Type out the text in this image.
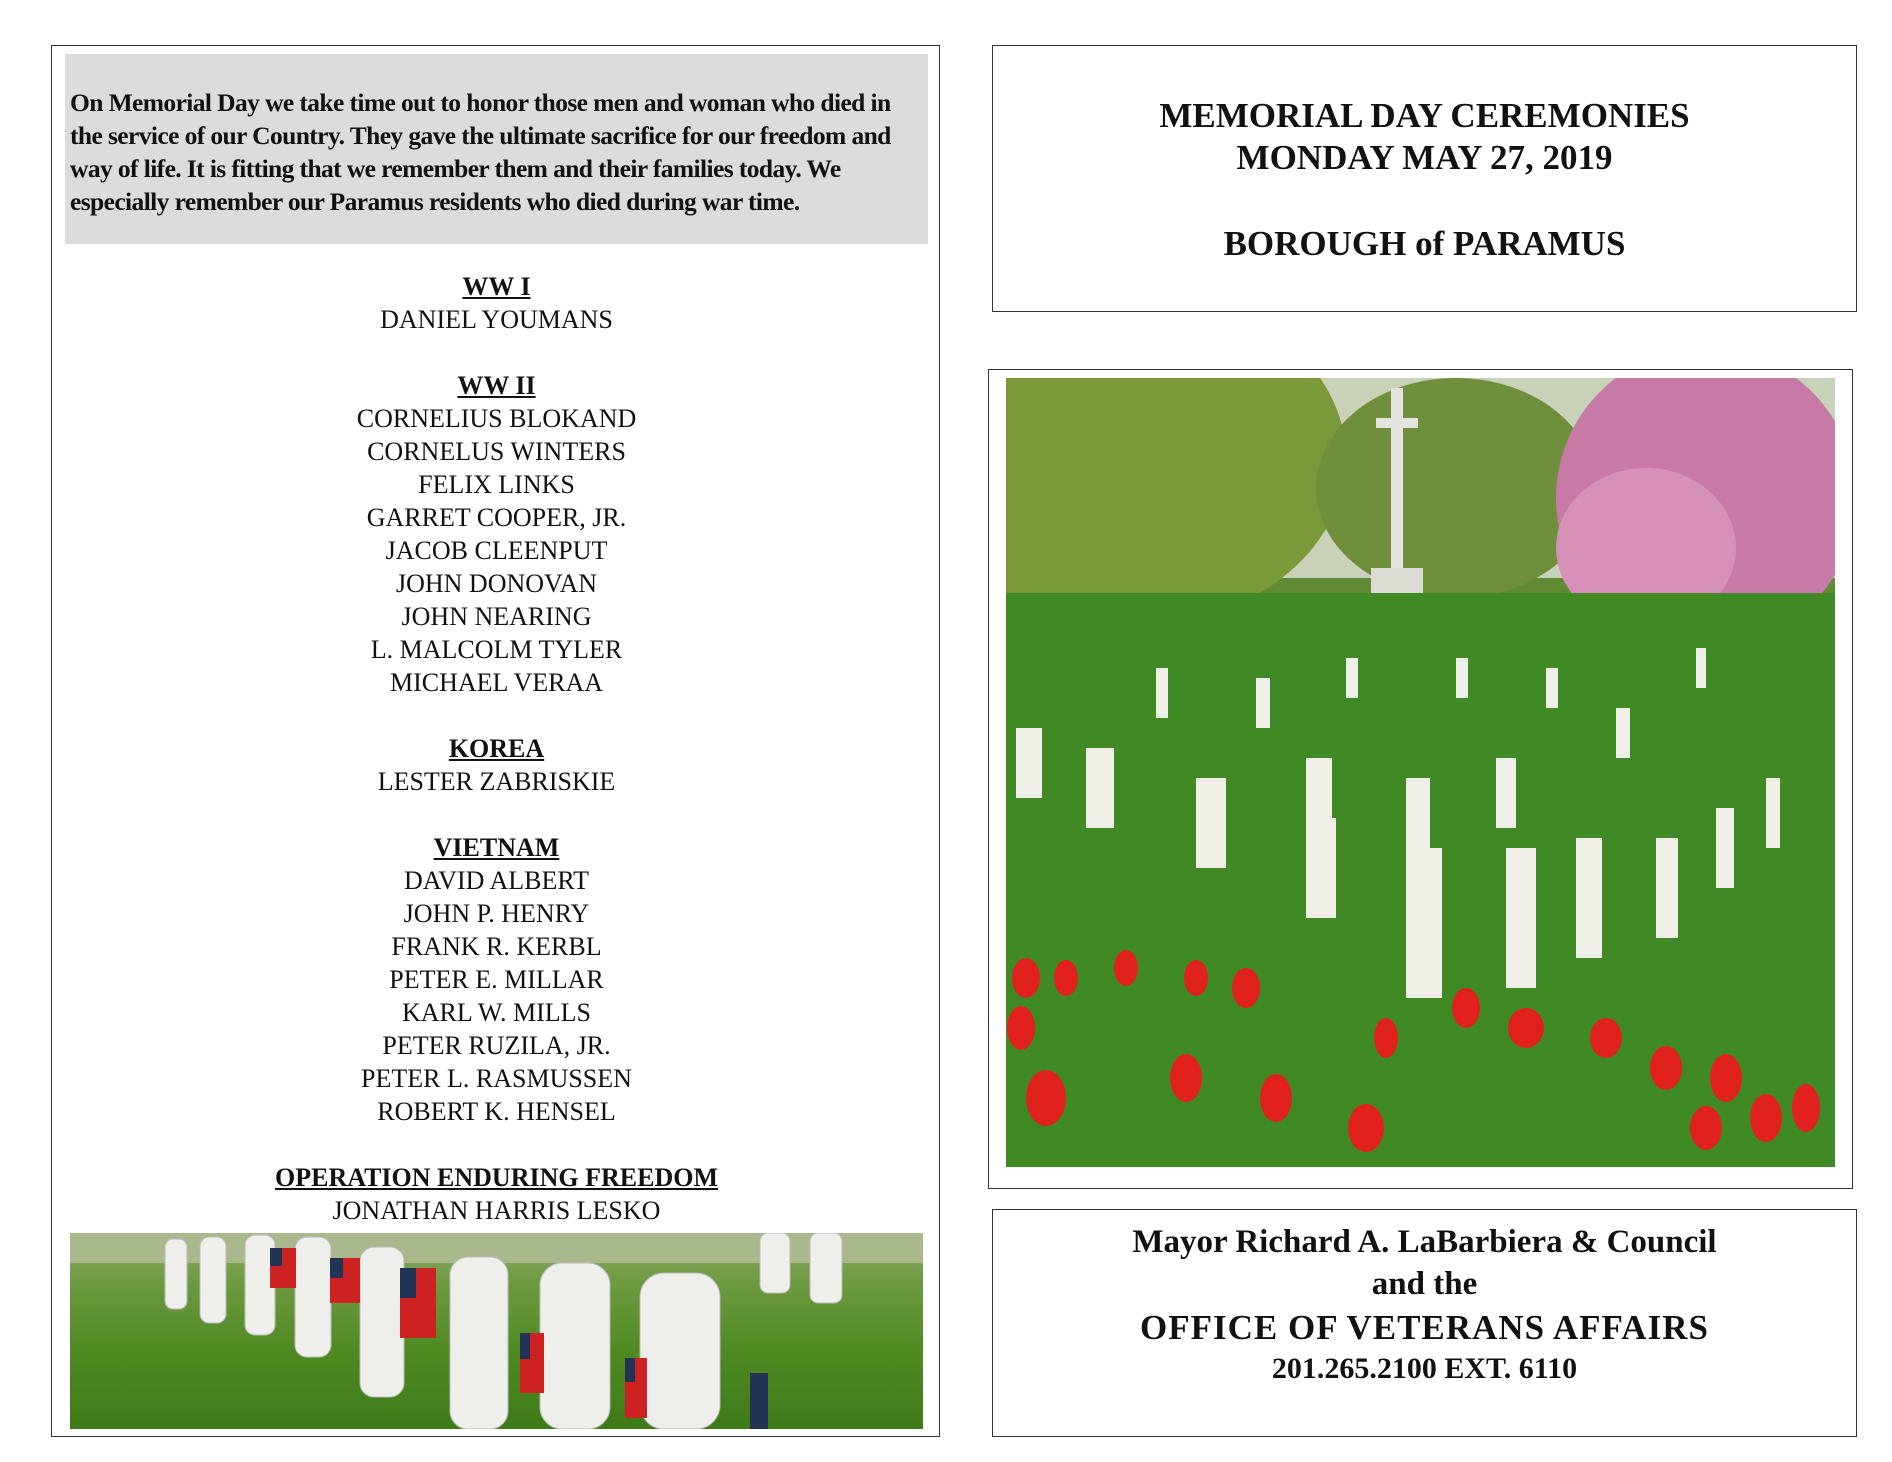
On Memorial Day we take time out to honor those men and woman who died in the service of our Country. They gave the ultimate sacrifice for our freedom and way of life. It is fitting that we remember them and their families today. We especially remember our Paramus residents who died during war time.
WW I
DANIEL YOUMANS
WW II
CORNELIUS BLOKAND
CORNELUS WINTERS
FELIX LINKS
GARRET COOPER, JR.
JACOB CLEENPUT
JOHN DONOVAN
JOHN NEARING
L. MALCOLM TYLER
MICHAEL VERAA
KOREA
LESTER ZABRISKIE
VIETNAM
DAVID ALBERT
JOHN P. HENRY
FRANK R. KERBL
PETER E. MILLAR
KARL W. MILLS
PETER RUZILA, JR.
PETER L. RASMUSSEN
ROBERT K. HENSEL
OPERATION ENDURING FREEDOM
JONATHAN HARRIS LESKO
MEMORIAL DAY CEREMONIES
MONDAY MAY 27, 2019
BOROUGH of PARAMUS
Mayor Richard A. LaBarbiera & Council
and the
OFFICE OF VETERANS AFFAIRS
201.265.2100 EXT. 6110
